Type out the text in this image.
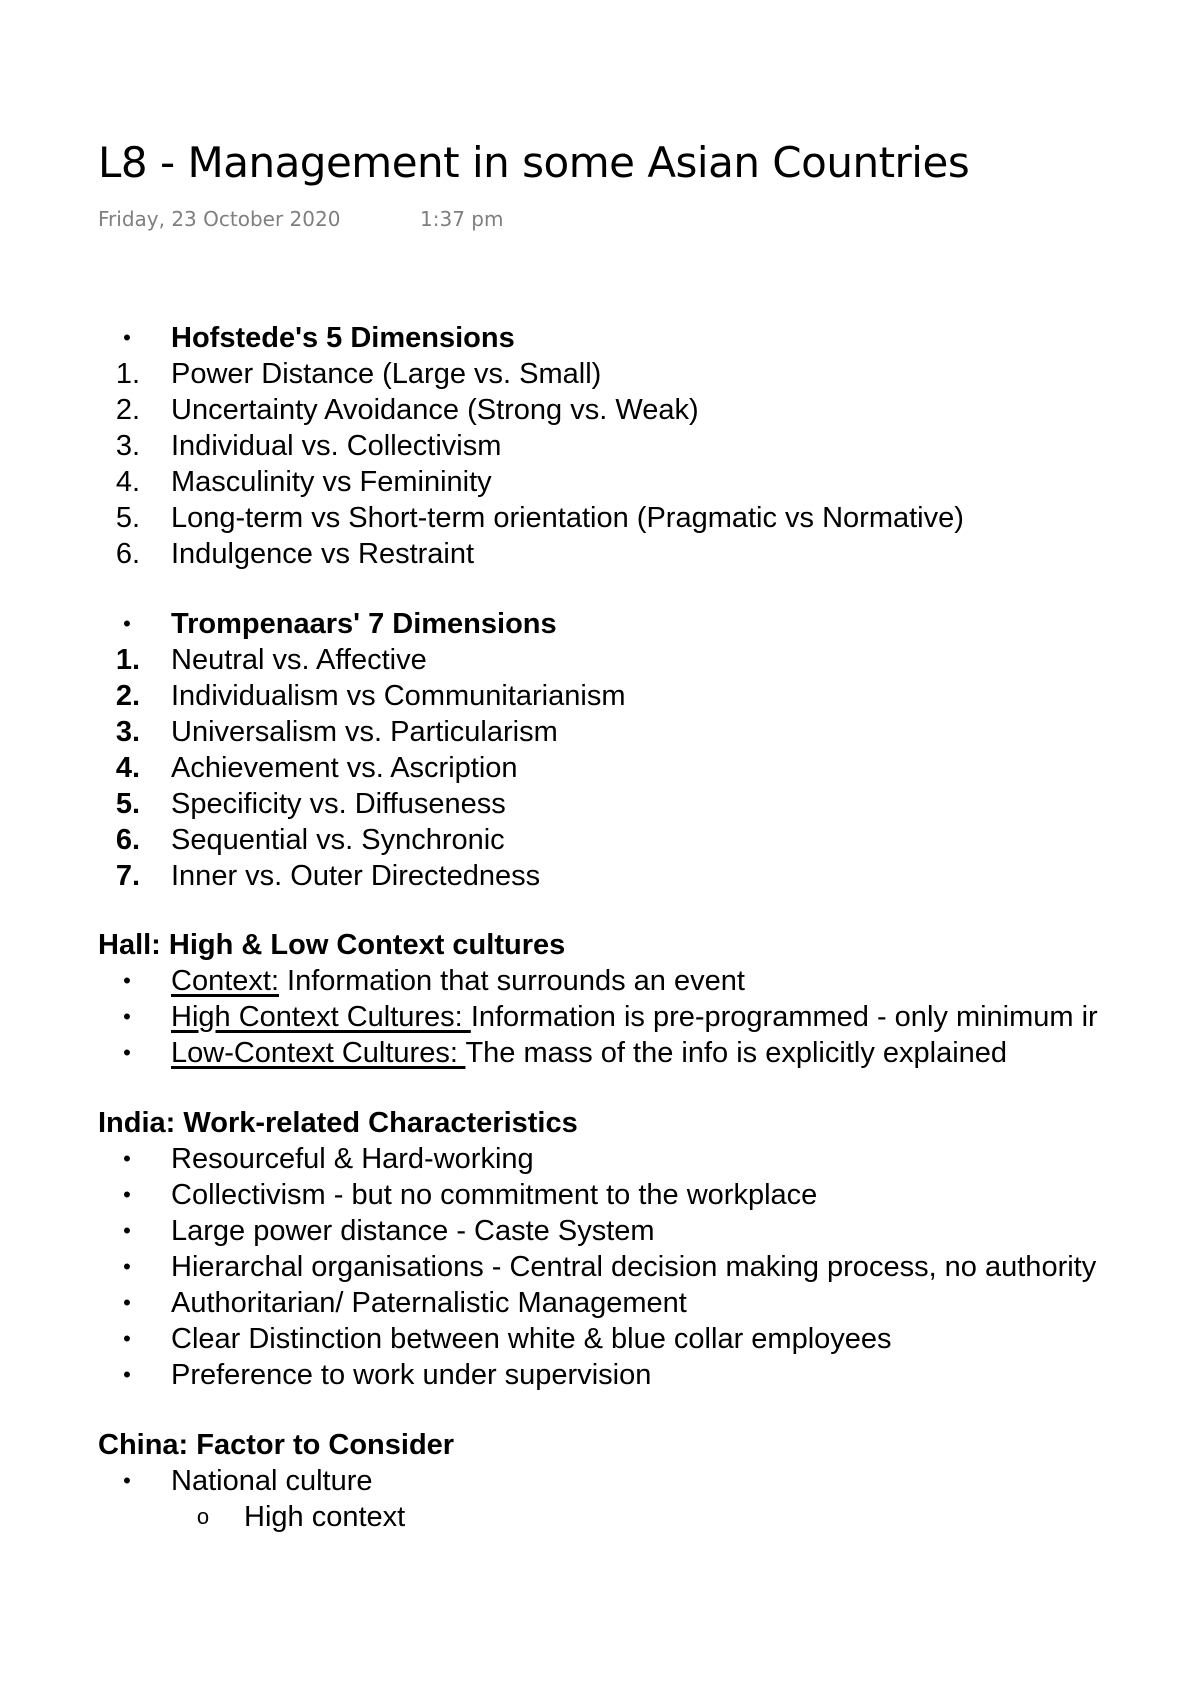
L8 - Management in some Asian Countries
Friday, 23 October 2020	1:37 pm
•	Hofstede's 5 Dimensions
1. Power Distance (Large vs. Small)
2. Uncertainty Avoidance (Strong vs. Weak)
3. Individual vs. Collectivism
4. Masculinity vs Femininity
5. Long-term vs Short-term orientation (Pragmatic vs Normative)
6. Indulgence vs Restraint
•	Trompenaars' 7 Dimensions
1. Neutral vs. Affective
2. Individualism vs Communitarianism
3. Universalism vs. Particularism
4. Achievement vs. Ascription
5. Specificity vs. Diffuseness
6. Sequential vs. Synchronic
7. Inner vs. Outer Directedness
Hall: High & Low Context cultures
•	Context: Information that surrounds an event
•	High Context Cultures: Information is pre-programmed - only minimum ir
•	Low-Context Cultures: The mass of the info is explicitly explained
India: Work-related Characteristics
•	Resourceful & Hard-working
•	Collectivism - but no commitment to the workplace
•	Large power distance - Caste System
•	Hierarchal organisations - Central decision making process, no authority
•	Authoritarian/ Paternalistic Management
•	Clear Distinction between white & blue collar employees
•	Preference to work under supervision
China: Factor to Consider
•	National culture
o	High context
